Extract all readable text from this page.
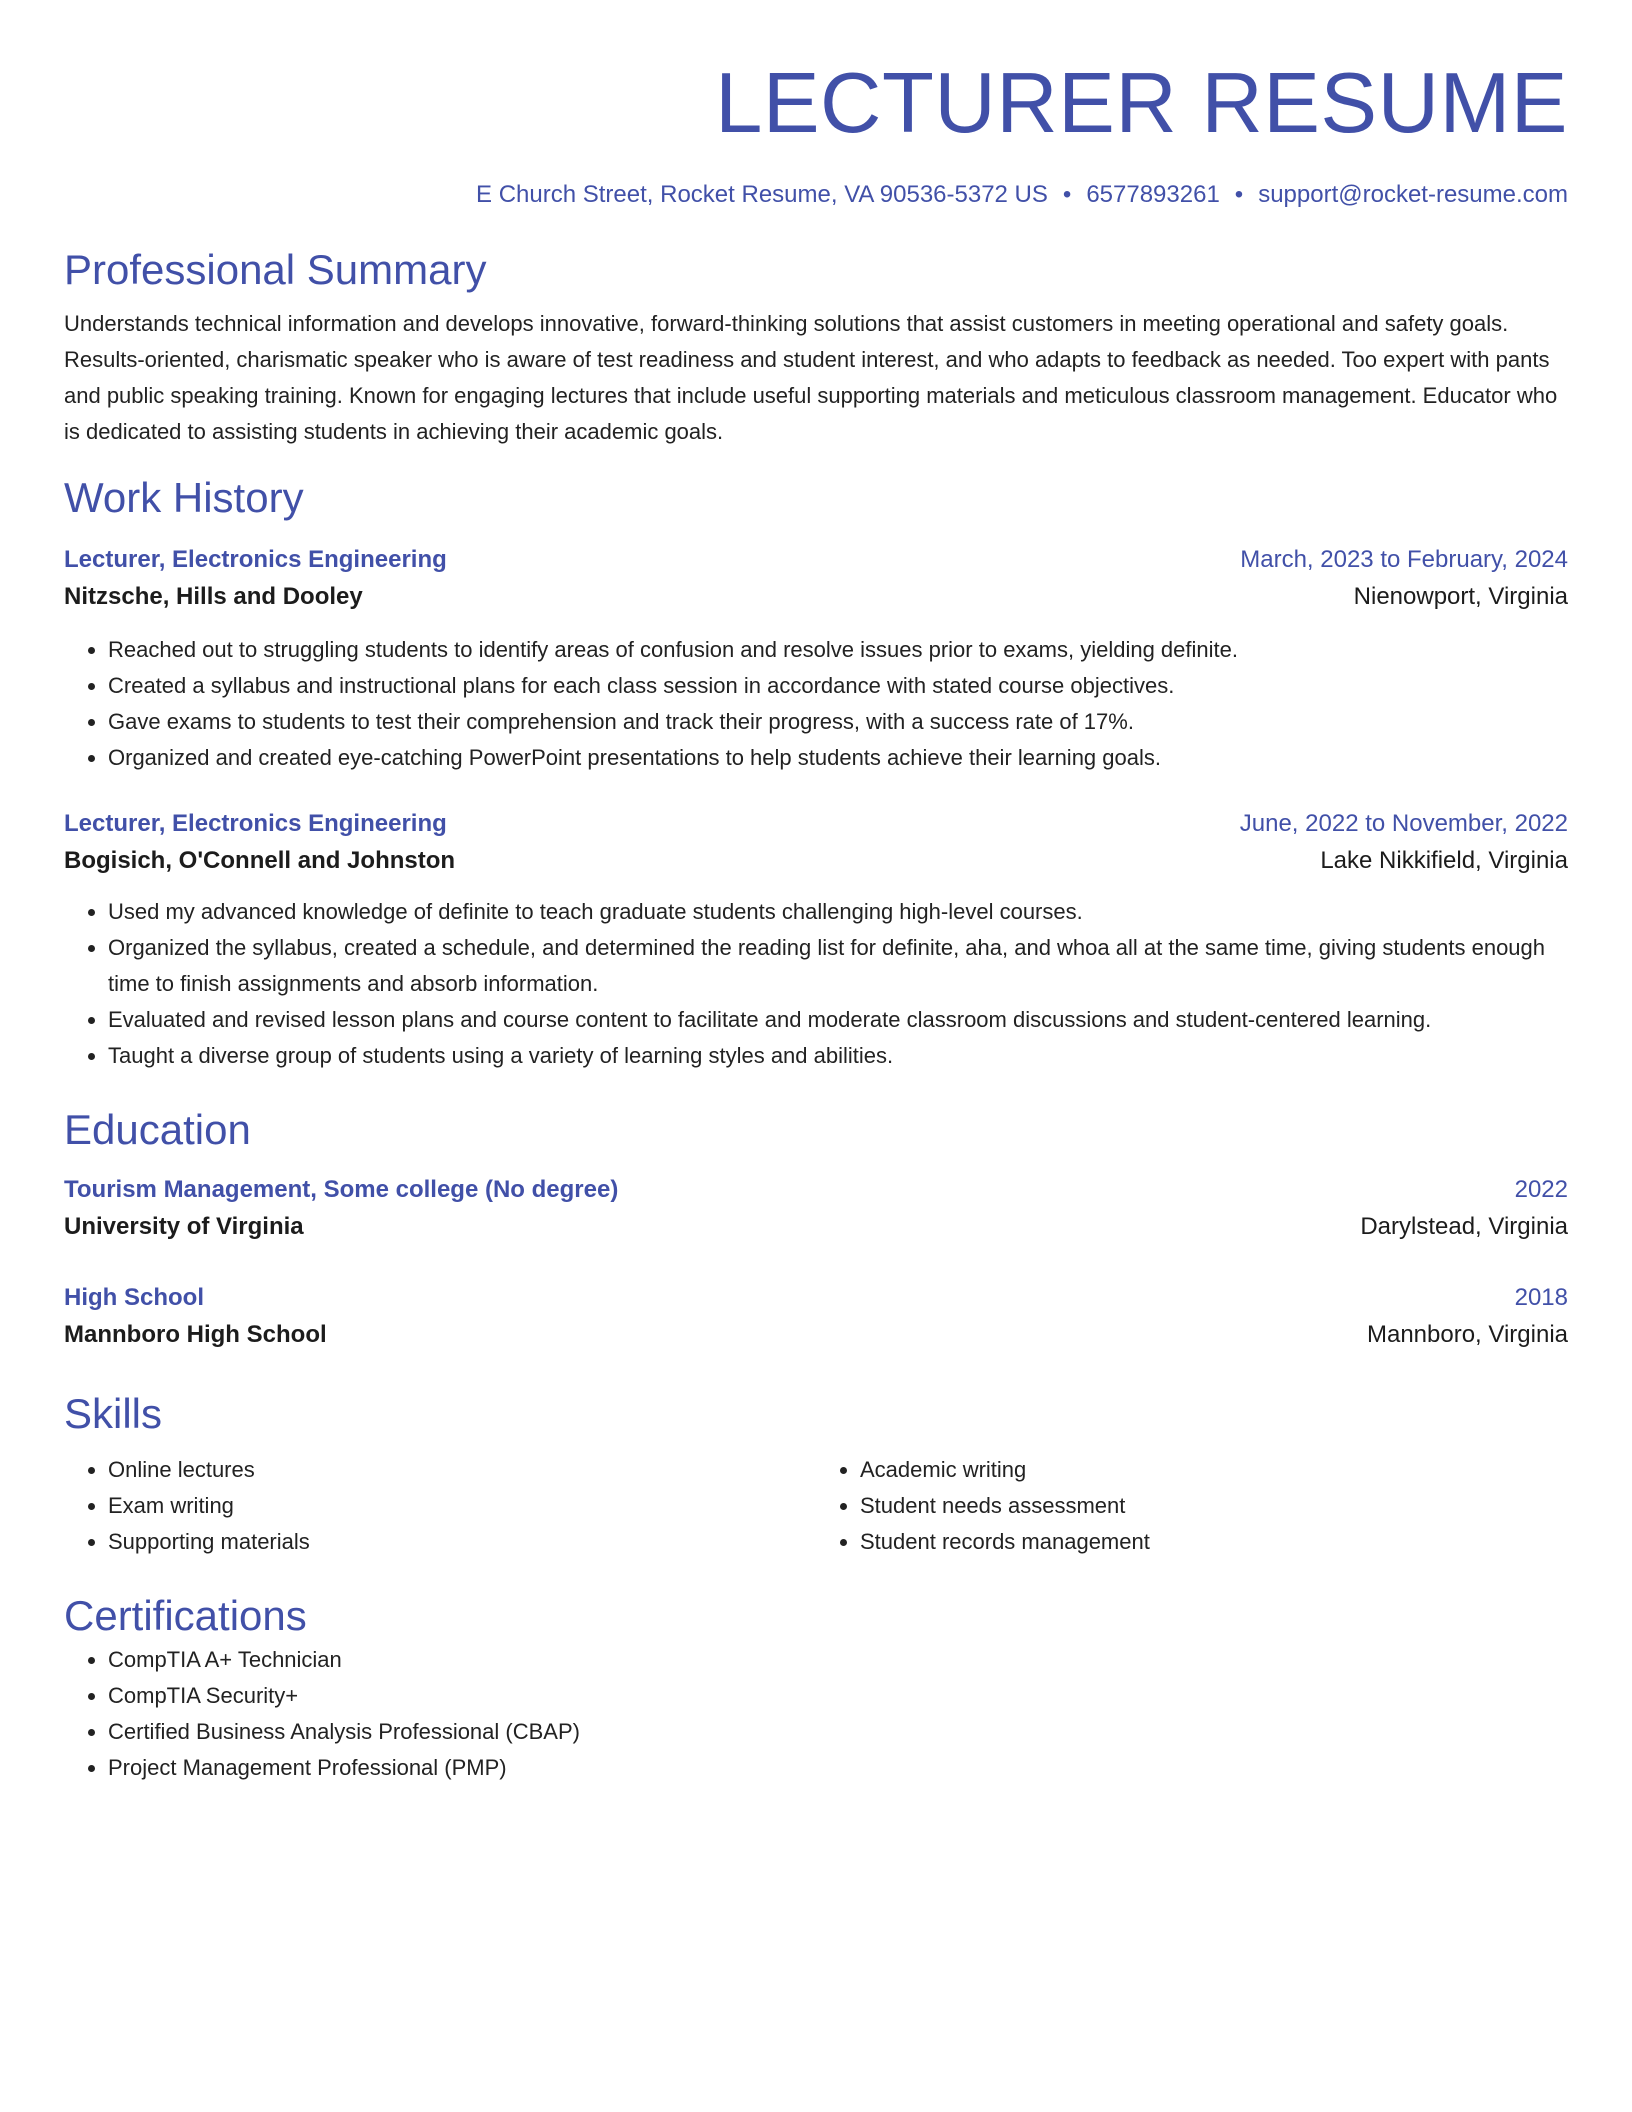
LECTURER RESUME
E Church Street, Rocket Resume, VA 90536-5372 US • 6577893261 • support@rocket-resume.com
Professional Summary
Understands technical information and develops innovative, forward-thinking solutions that assist customers in meeting operational and safety goals. Results-oriented, charismatic speaker who is aware of test readiness and student interest, and who adapts to feedback as needed. Too expert with pants and public speaking training. Known for engaging lectures that include useful supporting materials and meticulous classroom management. Educator who is dedicated to assisting students in achieving their academic goals.
Work History
Lecturer, Electronics Engineering	March, 2023 to February, 2024
Nitzsche, Hills and Dooley	Nienowport, Virginia
• Reached out to struggling students to identify areas of confusion and resolve issues prior to exams, yielding definite.
• Created a syllabus and instructional plans for each class session in accordance with stated course objectives.
• Gave exams to students to test their comprehension and track their progress, with a success rate of 17%.
• Organized and created eye-catching PowerPoint presentations to help students achieve their learning goals.
Lecturer, Electronics Engineering	June, 2022 to November, 2022
Bogisich, O'Connell and Johnston	Lake Nikkifield, Virginia
• Used my advanced knowledge of definite to teach graduate students challenging high-level courses.
• Organized the syllabus, created a schedule, and determined the reading list for definite, aha, and whoa all at the same time, giving students enough time to finish assignments and absorb information.
• Evaluated and revised lesson plans and course content to facilitate and moderate classroom discussions and student-centered learning.
• Taught a diverse group of students using a variety of learning styles and abilities.
Education
Tourism Management, Some college (No degree)	2022
University of Virginia	Darylstead, Virginia
High School	2018
Mannboro High School	Mannboro, Virginia
Skills
• Online lectures
• Exam writing
• Supporting materials
• Academic writing
• Student needs assessment
• Student records management
Certifications
• CompTIA A+ Technician
• CompTIA Security+
• Certified Business Analysis Professional (CBAP)
• Project Management Professional (PMP)
